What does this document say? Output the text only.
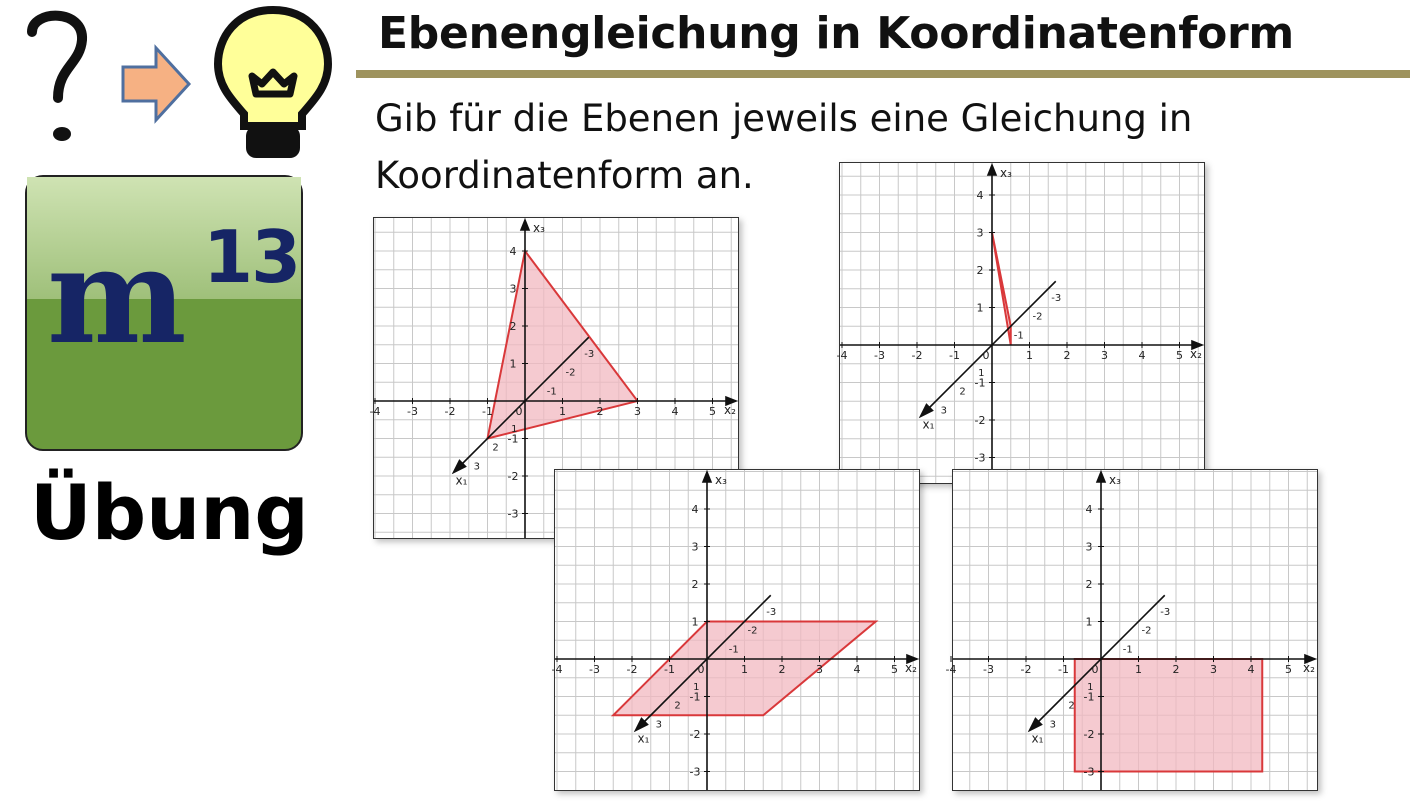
Ebenengleichung in Koordinatenform
Gib für die Ebenen jeweils eine Gleichung in Koordinatenform an.
m 13
Übung
-4 -3 -2 -1 0	1	2	3	4	5
-3
-2
-1
1
2
3
4
-3
-2
-1
1
2
3
x₂
x₃
x₁
-4 -3 -2 -1 0	1	2	3	4	5
-3
-2
-1
1
2
3
4
-3
-2
-1
1
2
3
x₂
x₃
x₁
-4 -3 -2 -1 0	1	2	3	4	5
-3
-2
-1
1
2
3
4
-3
-2
-1
1
2
3
x₂
x₃
x₁
-4 -3 -2 -1 0	1	2	3	4	5
-3
-2
-1
1
2
3
4
-3
-2
-1
1
2
3
x₂
x₃
x₁
